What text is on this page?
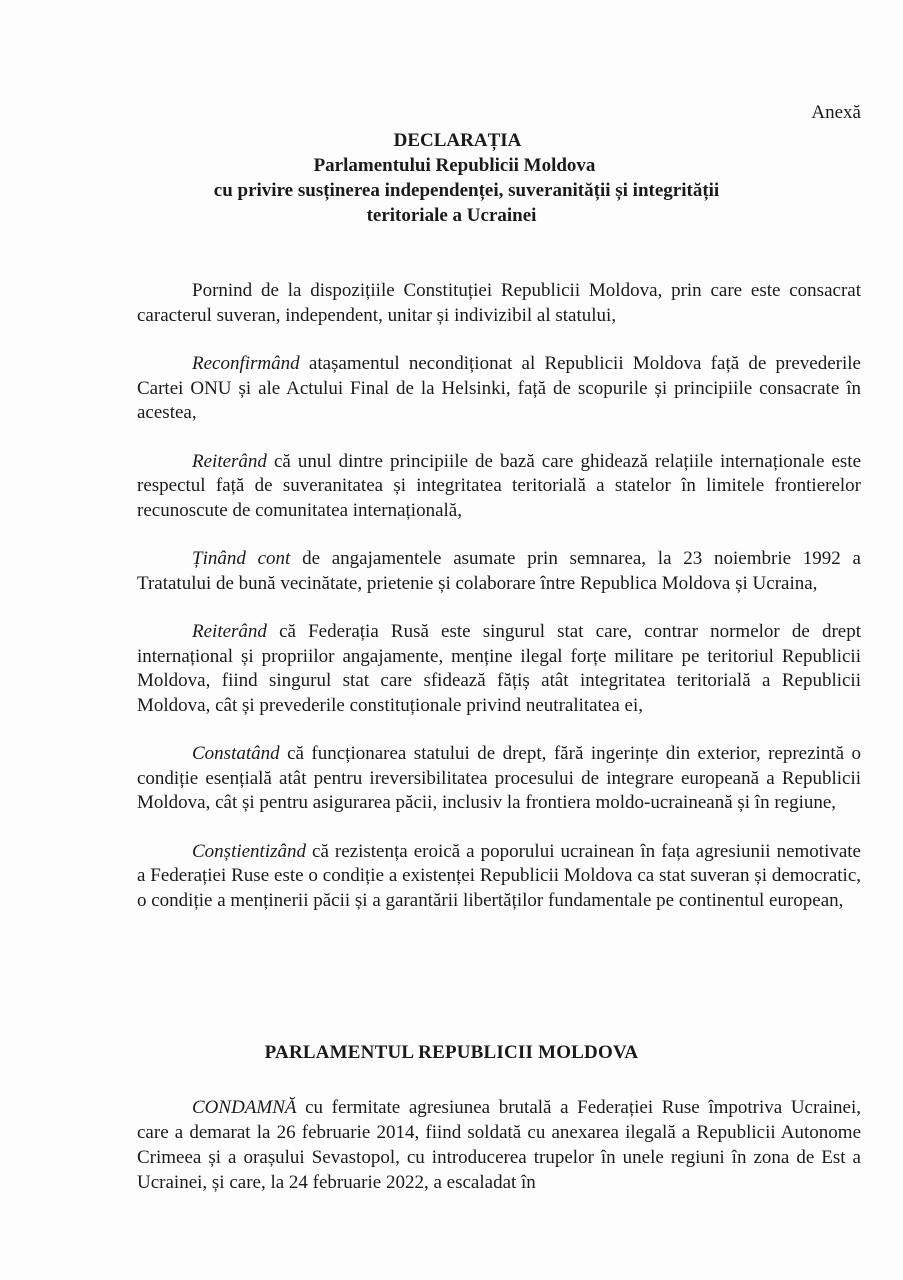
Anexă
DECLARAȚIA
Parlamentului Republicii Moldova
cu privire susținerea independenței, suveranității și integrității
teritoriale a Ucrainei

Pornind de la dispozițiile Constituției Republicii Moldova, prin care este consacrat caracterul suveran, independent, unitar și indivizibil al statului,

Reconfirmând atașamentul necondiționat al Republicii Moldova față de prevederile Cartei ONU și ale Actului Final de la Helsinki, față de scopurile și principiile consacrate în acestea,

Reiterând că unul dintre principiile de bază care ghidează relațiile internaționale este respectul față de suveranitatea și integritatea teritorială a statelor în limitele frontierelor recunoscute de comunitatea internațională,

Ținând cont de angajamentele asumate prin semnarea, la 23 noiembrie 1992 a Tratatului de bună vecinătate, prietenie și colaborare între Republica Moldova și Ucraina,

Reiterând că Federația Rusă este singurul stat care, contrar normelor de drept internațional și propriilor angajamente, menține ilegal forțe militare pe teritoriul Republicii Moldova, fiind singurul stat care sfidează fățiș atât integritatea teritorială a Republicii Moldova, cât și prevederile constituționale privind neutralitatea ei,

Constatând că funcționarea statului de drept, fără ingerințe din exterior, reprezintă o condiție esențială atât pentru ireversibilitatea procesului de integrare europeană a Republicii Moldova, cât și pentru asigurarea păcii, inclusiv la frontiera moldo-ucraineană și în regiune,

Conștientizând că rezistența eroică a poporului ucrainean în fața agresiunii nemotivate a Federației Ruse este o condiție a existenței Republicii Moldova ca stat suveran și democratic, o condiție a menținerii păcii și a garantării libertăților fundamentale pe continentul european,

PARLAMENTUL REPUBLICII MOLDOVA

CONDAMNĂ cu fermitate agresiunea brutală a Federației Ruse împotriva Ucrainei, care a demarat la 26 februarie 2014, fiind soldată cu anexarea ilegală a Republicii Autonome Crimeea și a orașului Sevastopol, cu introducerea trupelor în unele regiuni în zona de Est a Ucrainei, și care, la 24 februarie 2022, a escaladat în
